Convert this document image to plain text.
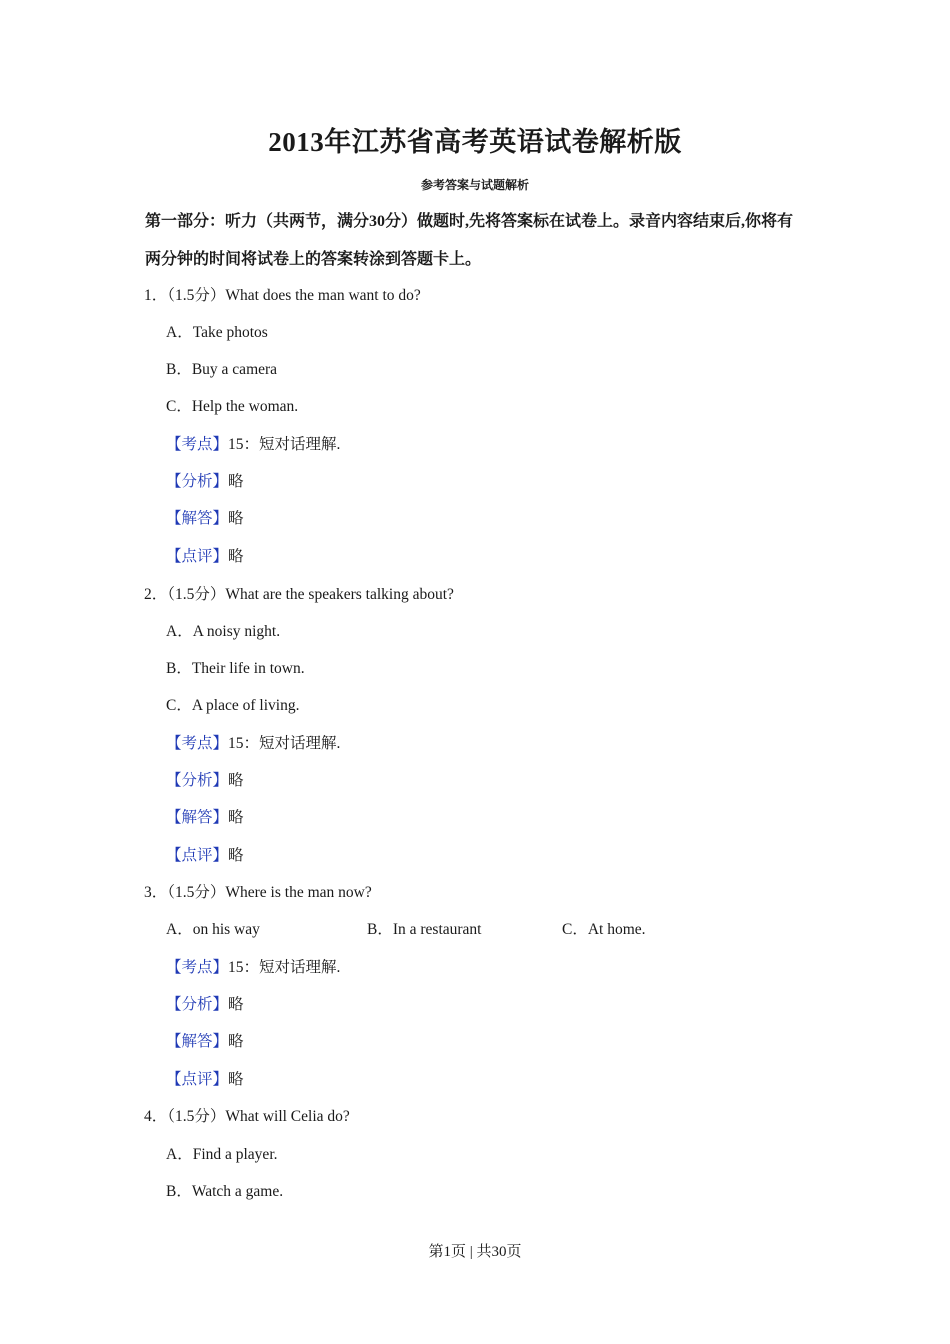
2013年江苏省高考英语试卷解析版
参考答案与试题解析
第一部分：听力（共两节，满分30分）做题时,先将答案标在试卷上。录音内容结束后,你将有两分钟的时间将试卷上的答案转涂到答题卡上。
1．（1.5分）What does the man want to do?
A．Take photos
B．Buy a camera
C．Help the woman.
【考点】15：短对话理解.
【分析】略
【解答】略
【点评】略
2．（1.5分）What are the speakers talking about?
A．A noisy night.
B．Their life in town.
C．A place of living.
【考点】15：短对话理解.
【分析】略
【解答】略
【点评】略
3．（1.5分）Where is the man now?
A．on his way	B．In a restaurant	C．At home.
【考点】15：短对话理解.
【分析】略
【解答】略
【点评】略
4．（1.5分）What will Celia do?
A．Find a player.
B．Watch a game.
第1页 | 共30页
